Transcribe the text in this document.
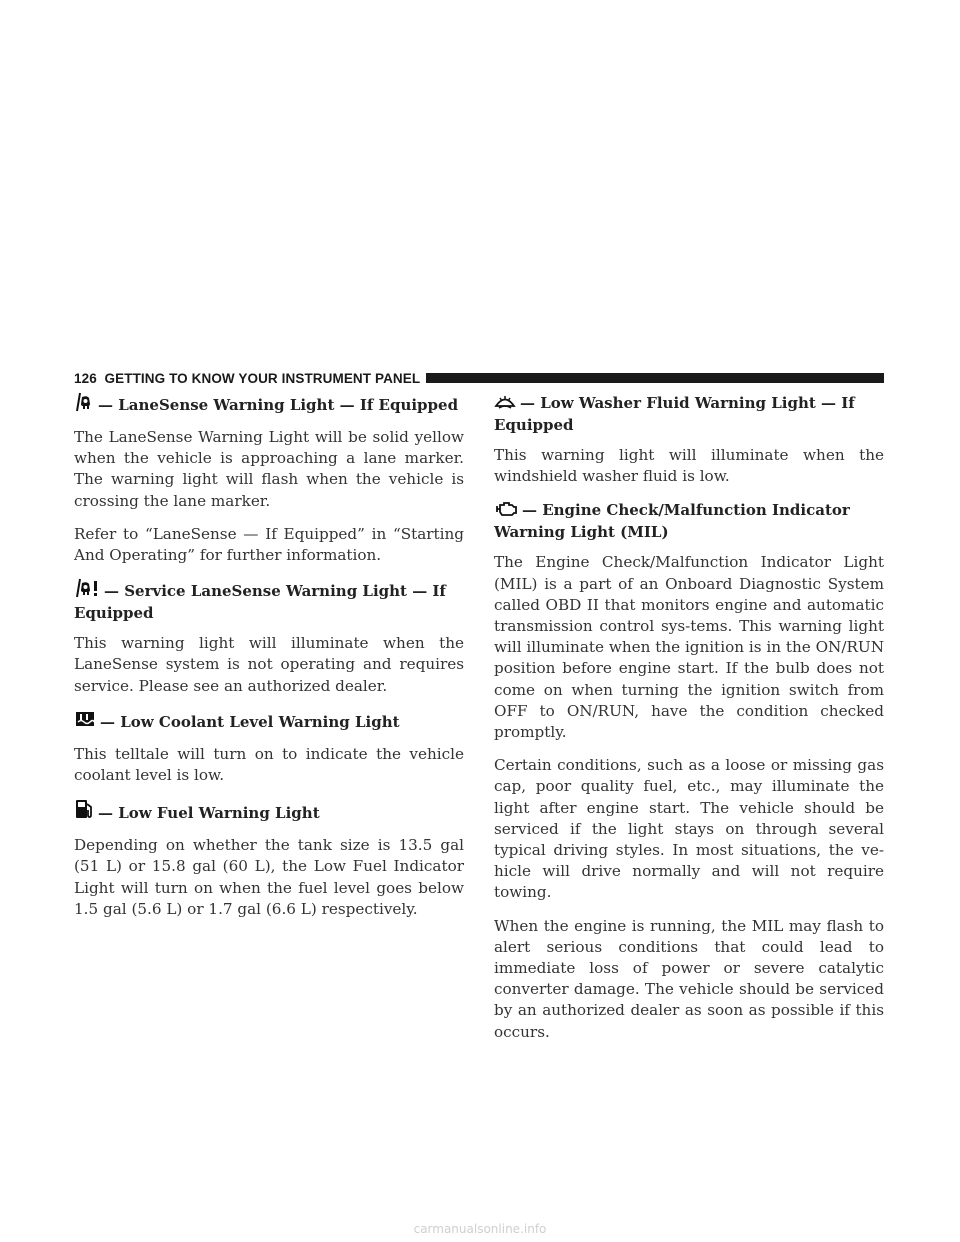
126 GETTING TO KNOW YOUR INSTRUMENT PANEL
— LaneSense Warning Light — If Equipped

The LaneSense Warning Light will be solid yellow when the vehicle is approaching a lane marker. The warning light will flash when the vehicle is crossing the lane marker.

Refer to “LaneSense — If Equipped” in “Starting And Operating” for further information.

— Service LaneSense Warning Light — If Equipped

This warning light will illuminate when the LaneSense system is not operating and requires service. Please see an authorized dealer.

— Low Coolant Level Warning Light

This telltale will turn on to indicate the vehicle coolant level is low.

— Low Fuel Warning Light

Depending on whether the tank size is 13.5 gal (51 L) or 15.8 gal (60 L), the Low Fuel Indicator Light will turn on when the fuel level goes below 1.5 gal (5.6 L) or 1.7 gal (6.6 L) respectively.

— Low Washer Fluid Warning Light — If Equipped

This warning light will illuminate when the windshield washer fluid is low.

— Engine Check/Malfunction Indicator Warning Light (MIL)

The Engine Check/Malfunction Indicator Light (MIL) is a part of an Onboard Diagnostic System called OBD II that monitors engine and automatic transmission control sys-tems. This warning light will illuminate when the ignition is in the ON/RUN position before engine start. If the bulb does not come on when turning the ignition switch from OFF to ON/RUN, have the condition checked promptly.

Certain conditions, such as a loose or missing gas cap, poor quality fuel, etc., may illuminate the light after engine start. The vehicle should be serviced if the light stays on through several typical driving styles. In most situations, the ve-hicle will drive normally and will not require towing.

When the engine is running, the MIL may flash to alert serious conditions that could lead to immediate loss of power or severe catalytic converter damage. The vehicle should be serviced by an authorized dealer as soon as possible if this occurs.

carmanualsonline.info
